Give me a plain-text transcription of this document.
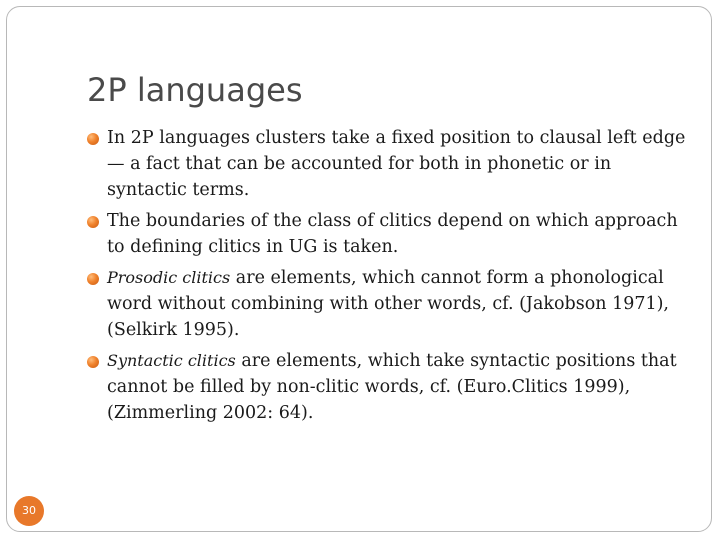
2P languages
In 2P languages clusters take a fixed position to clausal left edge — a fact that can be accounted for both in phonetic or in syntactic terms.
The boundaries of the class of clitics depend on which approach to defining clitics in UG is taken.
Prosodic clitics are elements, which cannot form a phonological word without combining with other words, cf. (Jakobson 1971), (Selkirk 1995).
Syntactic clitics are elements, which take syntactic positions that cannot be filled by non-clitic words, cf. (Euro.Clitics 1999), (Zimmerling 2002: 64).
30
